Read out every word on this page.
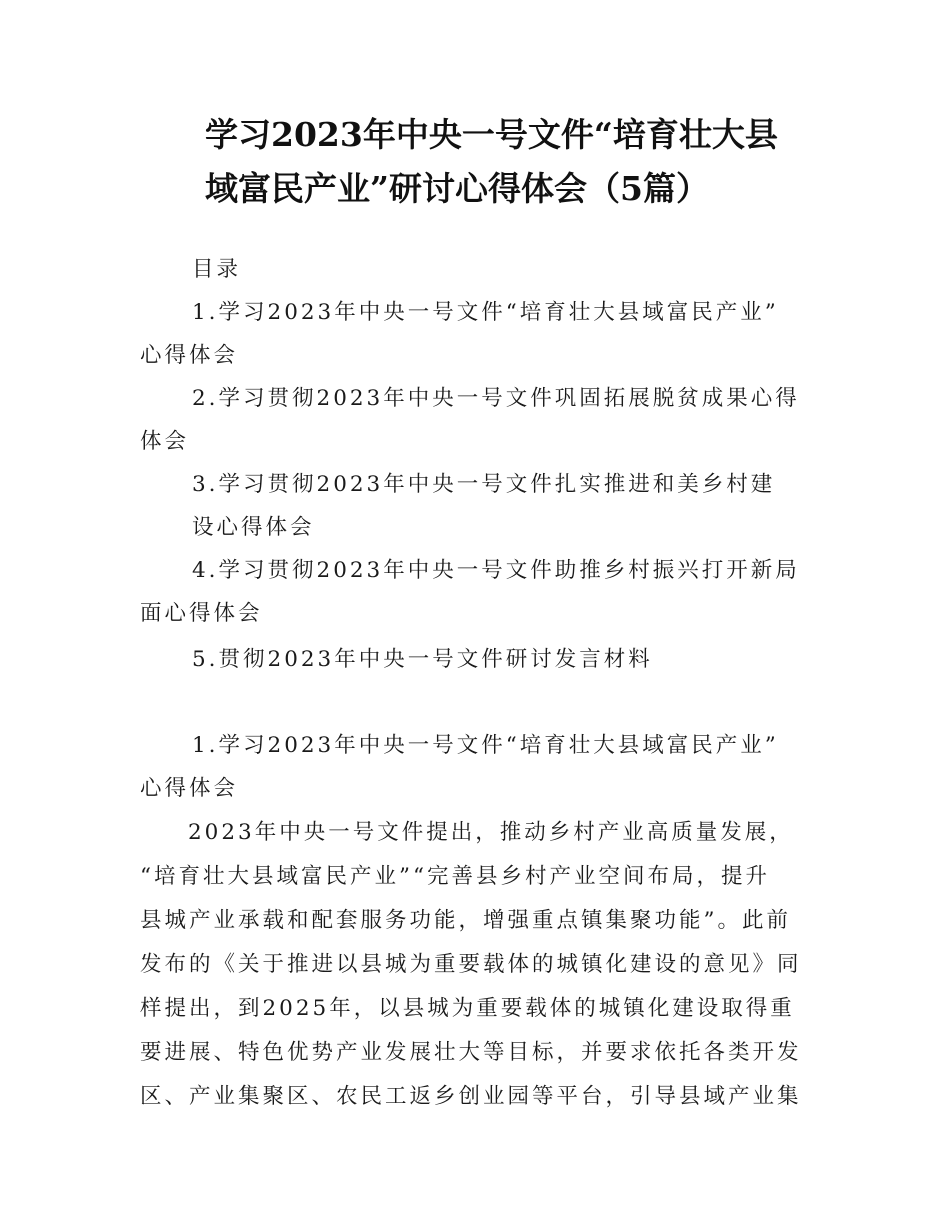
学习2023年中央一号文件“培育壮大县
域富民产业”研讨心得体会（5篇）
目录
1.学习2023年中央一号文件“培育壮大县域富民产业”
心得体会
2.学习贯彻2023年中央一号文件巩固拓展脱贫成果心得
体会
3.学习贯彻2023年中央一号文件扎实推进和美乡村建
设心得体会
4.学习贯彻2023年中央一号文件助推乡村振兴打开新局
面心得体会
5.贯彻2023年中央一号文件研讨发言材料
1.学习2023年中央一号文件“培育壮大县域富民产业”
心得体会
2023年中央一号文件提出，推动乡村产业高质量发展，
“培育壮大县域富民产业”“完善县乡村产业空间布局，提升
县城产业承载和配套服务功能，增强重点镇集聚功能”。此前
发布的《关于推进以县城为重要载体的城镇化建设的意见》同
样提出，到2025年，以县城为重要载体的城镇化建设取得重
要进展、特色优势产业发展壮大等目标，并要求依托各类开发
区、产业集聚区、农民工返乡创业园等平台，引导县域产业集
